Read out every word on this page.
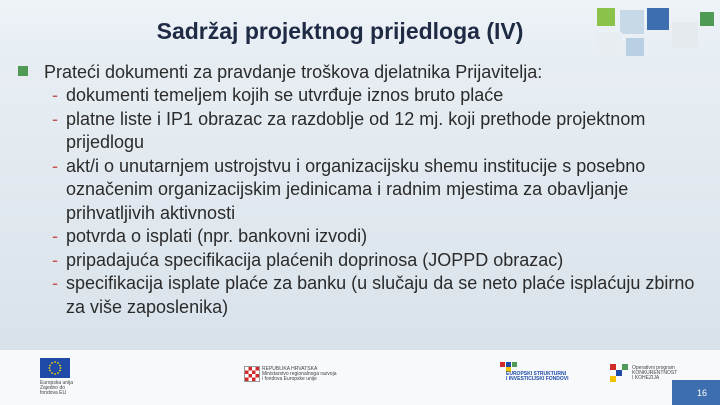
Sadržaj projektnog prijedloga (IV)
Prateći dokumenti za pravdanje troškova djelatnika Prijavitelja:
- dokumenti temeljem kojih se utvrđuje iznos bruto plaće
- platne liste i IP1 obrazac za razdoblje od 12 mj. koji prethode projektnom prijedlogu
- akt/i o unutarnjem ustrojstvu i organizacijsku shemu institucije s posebno označenim organizacijskim jedinicama i radnim mjestima za obavljanje prihvatljivih aktivnosti
- potvrda o isplati (npr. bankovni izvodi)
- pripadajuća specifikacija plaćenih doprinosa (JOPPD obrazac)
- specifikacija isplate plaće za banku (u slučaju da se neto plaće isplaćuju zbirno za više zaposlenika)
Europska unija
Zajedno do fondova EU
REPUBLIKA HRVATSKA
Ministarstvo regionalnoga razvoja
i fondova Europske unije
EUROPSKI STRUKTURNI
I INVESTICIJSKI FONDOVI
Operativni program
KONKURENTNOST
I KOHEZIJA
16
